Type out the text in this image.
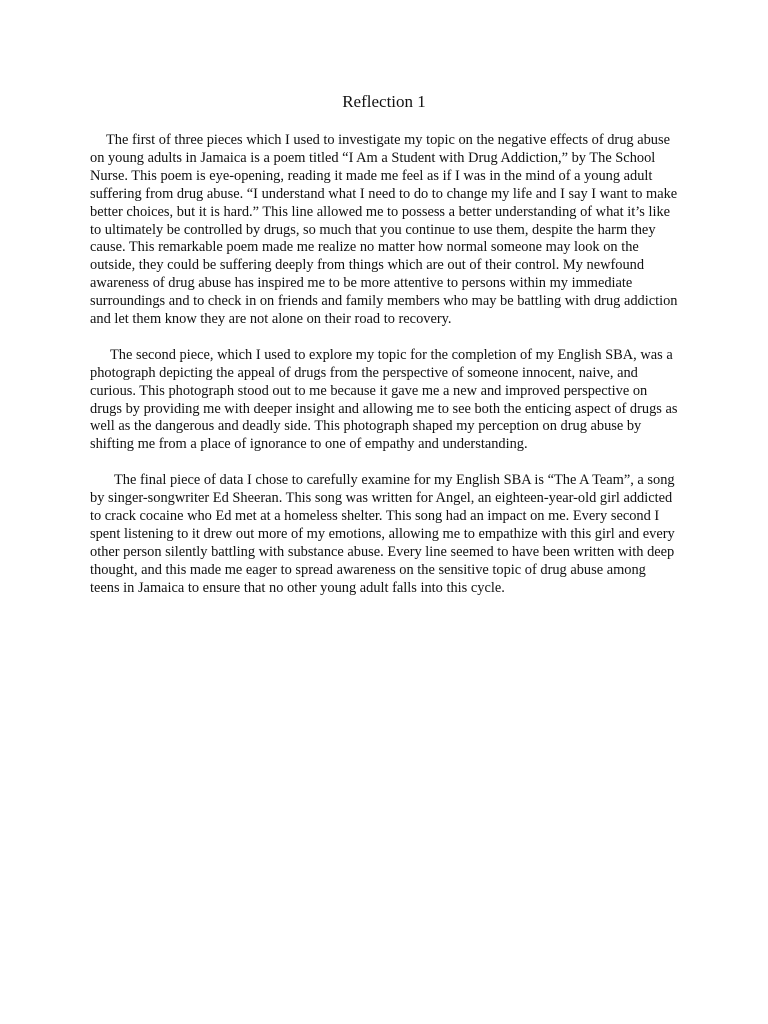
Reflection 1

The first of three pieces which I used to investigate my topic on the negative effects of drug abuse on young adults in Jamaica is a poem titled “I Am a Student with Drug Addiction,” by The School Nurse. This poem is eye-opening, reading it made me feel as if I was in the mind of a young adult suffering from drug abuse. “I understand what I need to do to change my life and I say I want to make better choices, but it is hard.” This line allowed me to possess a better understanding of what it’s like to ultimately be controlled by drugs, so much that you continue to use them, despite the harm they cause. This remarkable poem made me realize no matter how normal someone may look on the outside, they could be suffering deeply from things which are out of their control. My newfound awareness of drug abuse has inspired me to be more attentive to persons within my immediate surroundings and to check in on friends and family members who may be battling with drug addiction and let them know they are not alone on their road to recovery.

The second piece, which I used to explore my topic for the completion of my English SBA, was a photograph depicting the appeal of drugs from the perspective of someone innocent, naive, and curious. This photograph stood out to me because it gave me a new and improved perspective on drugs by providing me with deeper insight and allowing me to see both the enticing aspect of drugs as well as the dangerous and deadly side. This photograph shaped my perception on drug abuse by shifting me from a place of ignorance to one of empathy and understanding.

The final piece of data I chose to carefully examine for my English SBA is “The A Team”, a song by singer-songwriter Ed Sheeran. This song was written for Angel, an eighteen-year-old girl addicted to crack cocaine who Ed met at a homeless shelter. This song had an impact on me. Every second I spent listening to it drew out more of my emotions, allowing me to empathize with this girl and every other person silently battling with substance abuse. Every line seemed to have been written with deep thought, and this made me eager to spread awareness on the sensitive topic of drug abuse among teens in Jamaica to ensure that no other young adult falls into this cycle.
